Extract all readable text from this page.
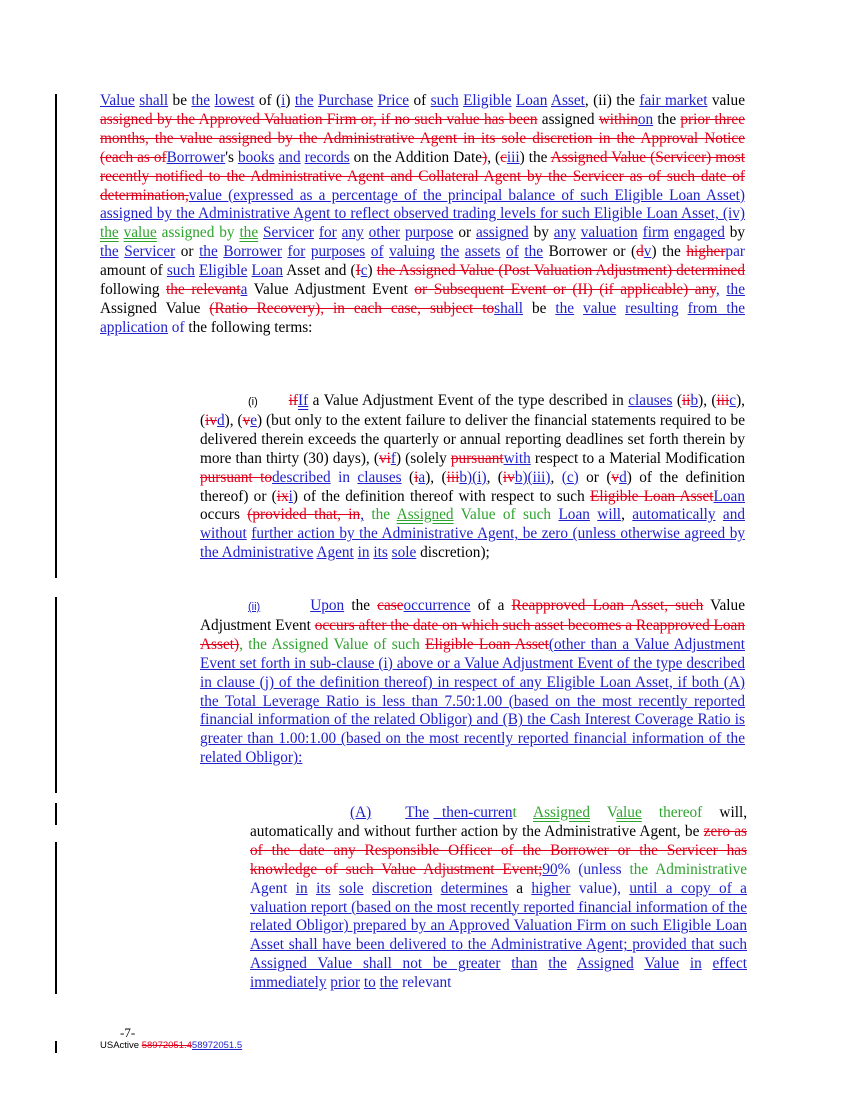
Value shall be the lowest of (i) the Purchase Price of such Eligible Loan Asset, (ii) the fair market value assigned by the Approved Valuation Firm or, if no such value has been assigned withinon the prior three months, the value assigned by the Administrative Agent in its sole discretion in the Approval Notice (each as ofBorrower's books and records on the Addition Date), (ciii) the Assigned Value (Servicer) most recently notified to the Administrative Agent and Collateral Agent by the Servicer as of such date of determination,value (expressed as a percentage of the principal balance of such Eligible Loan Asset) assigned by the Administrative Agent to reflect observed trading levels for such Eligible Loan Asset, (iv) the value assigned by the Servicer for any other purpose or assigned by any valuation firm engaged by the Servicer or the Borrower for purposes of valuing the assets of the Borrower or (dv) the higherpar amount of such Eligible Loan Asset and (Ic) the Assigned Value (Post Valuation Adjustment) determined following the relevanta Value Adjustment Event or Subsequent Event or (II) (if applicable) any, the Assigned Value (Ratio Recovery), in each case, subject toshall be the value resulting from the application of the following terms:
(i) ifIf a Value Adjustment Event of the type described in clauses (iib), (iiic), (ivd), (ve) (but only to the extent failure to deliver the financial statements required to be delivered therein exceeds the quarterly or annual reporting deadlines set forth therein by more than thirty (30) days), (vif) (solely pursuantwith respect to a Material Modification pursuant todescribed in clauses (ia), (iiib)(i), (ivb)(iii), (c) or (vd) of the definition thereof) or (ixi) of the definition thereof with respect to such Eligible Loan AssetLoan occurs (provided that, in, the Assigned Value of such Loan will, automatically and without further action by the Administrative Agent, be zero (unless otherwise agreed by the Administrative Agent in its sole discretion);
(ii)	Upon the caseoccurrence of a Reapproved Loan Asset, such Value Adjustment Event occurs after the date on which such asset becomes a Reapproved Loan Asset), the Assigned Value of such Eligible Loan Asset(other than a Value Adjustment Event set forth in sub-clause (i) above or a Value Adjustment Event of the type described in clause (j) of the definition thereof) in respect of any Eligible Loan Asset, if both (A) the Total Leverage Ratio is less than 7.50:1.00 (based on the most recently reported financial information of the related Obligor) and (B) the Cash Interest Coverage Ratio is greater than 1.00:1.00 (based on the most recently reported financial information of the related Obligor):
(A) The   then-current Assigned Value thereof    will, automatically and without further action by the Administrative Agent, be zero as of the date any Responsible Officer of the Borrower or the Servicer has knowledge of such Value Adjustment Event;90% (unless the Administrative Agent in its sole discretion determines a higher value), until a copy of a valuation report (based on the most recently reported financial information of the related Obligor) prepared by an Approved Valuation Firm on such Eligible Loan Asset shall have been delivered to the Administrative Agent; provided that such Assigned Value shall not be greater than the Assigned Value in effect immediately prior to the relevant
-7-
USActive 58972051.458972051.5
